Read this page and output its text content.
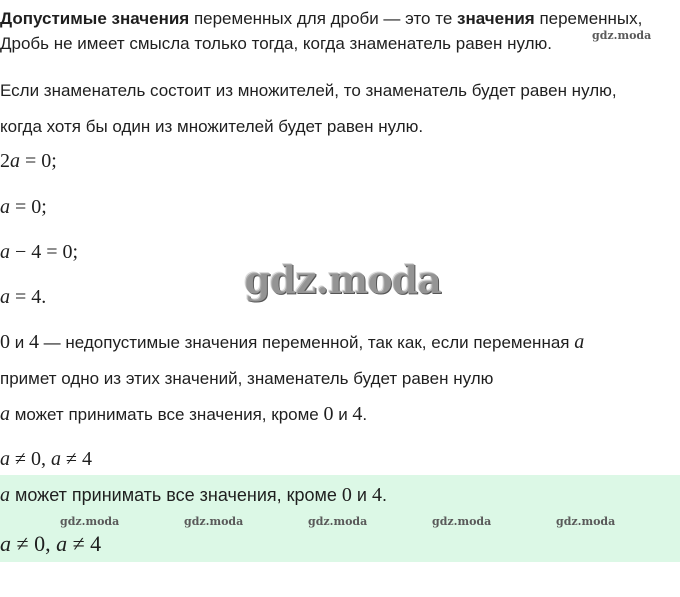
Допустимые значения переменных для дроби — это те значения переменных,
Дробь не имеет смысла только тогда, когда знаменатель равен нулю.
Если знаменатель состоит из множителей, то знаменатель будет равен нулю,
когда хотя бы один из множителей будет равен нулю.
2a = 0;
a = 0;
a − 4 = 0;
a = 4.
0 и 4 — недопустимые значения переменной, так как, если переменная a
примет одно из этих значений, знаменатель будет равен нулю
a может принимать все значения, кроме 0 и 4.
a ≠ 0, a ≠ 4
a может принимать все значения, кроме 0 и 4.
a ≠ 0, a ≠ 4
gdz.moda
gdz.moda
gdz.moda	gdz.moda	gdz.moda	gdz.moda	gdz.moda
